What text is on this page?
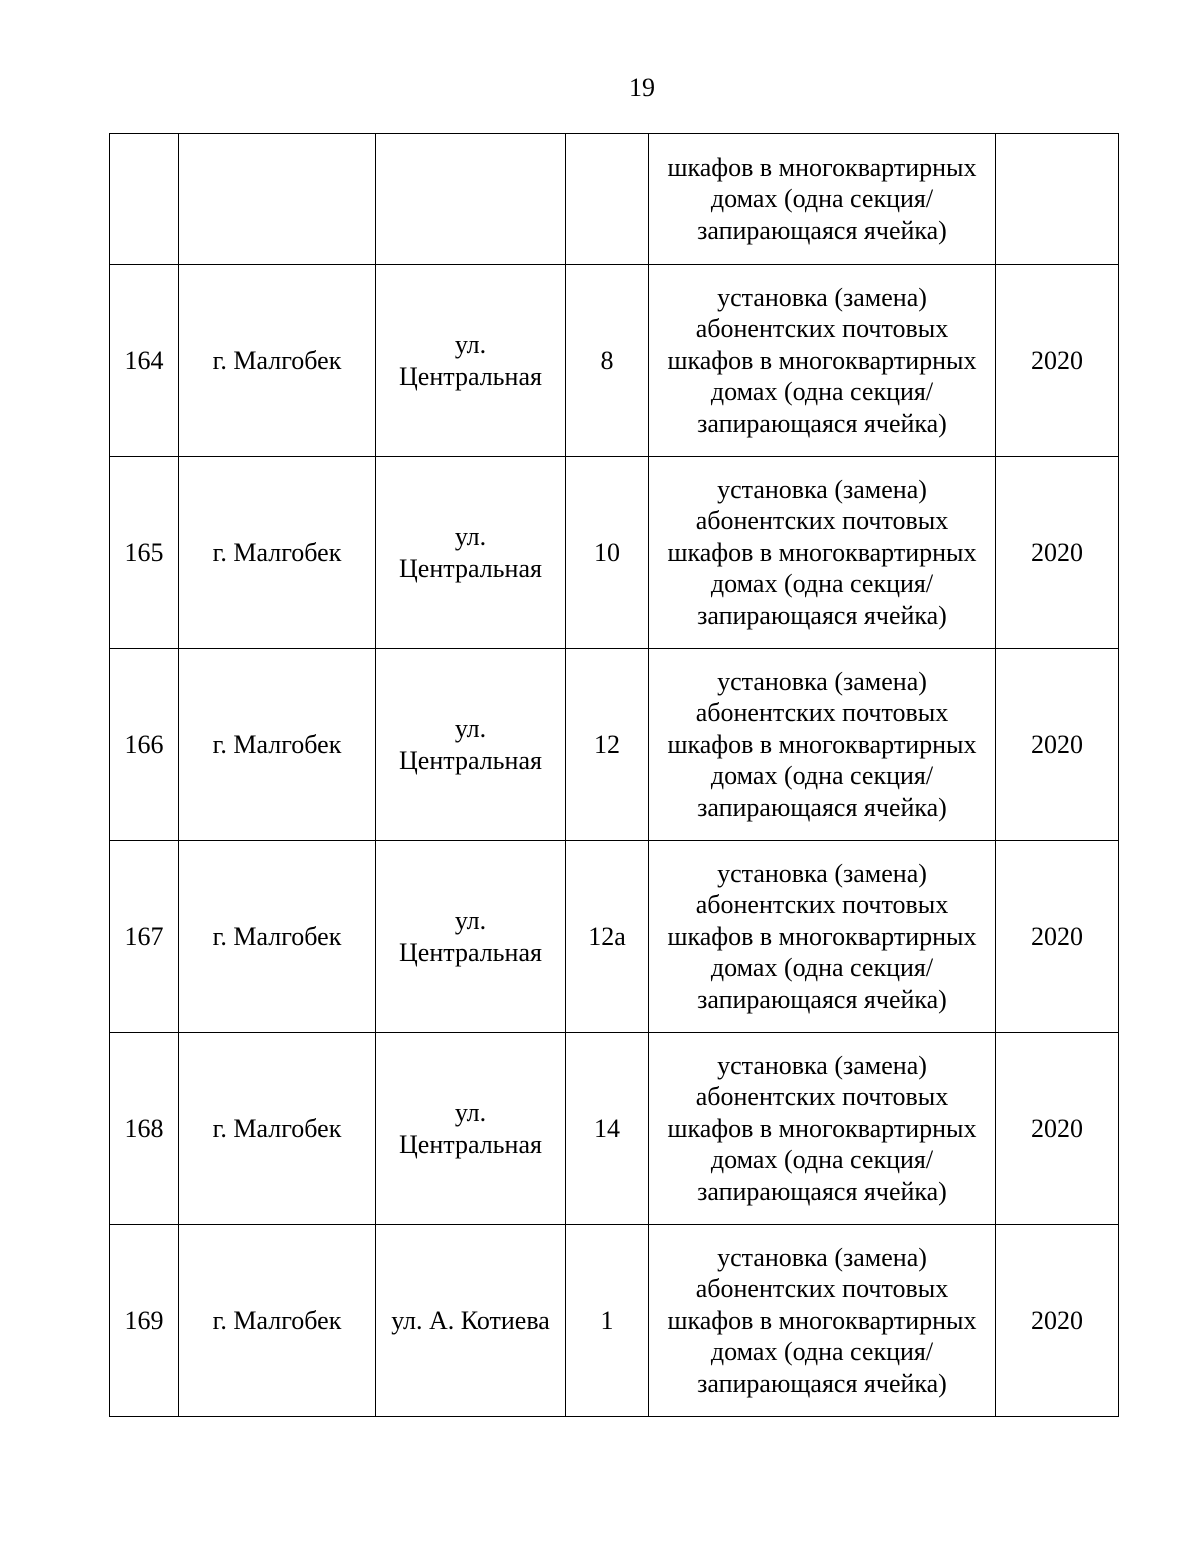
19
				шкафов в многоквартирных домах (одна секция/запирающаяся ячейка)	
164	г. Малгобек	ул. Центральная	8	установка (замена) абонентских почтовых шкафов в многоквартирных домах (одна секция/запирающаяся ячейка)	2020
165	г. Малгобек	ул. Центральная	10	установка (замена) абонентских почтовых шкафов в многоквартирных домах (одна секция/запирающаяся ячейка)	2020
166	г. Малгобек	ул. Центральная	12	установка (замена) абонентских почтовых шкафов в многоквартирных домах (одна секция/запирающаяся ячейка)	2020
167	г. Малгобек	ул. Центральная	12а	установка (замена) абонентских почтовых шкафов в многоквартирных домах (одна секция/запирающаяся ячейка)	2020
168	г. Малгобек	ул. Центральная	14	установка (замена) абонентских почтовых шкафов в многоквартирных домах (одна секция/запирающаяся ячейка)	2020
169	г. Малгобек	ул. А. Котиева	1	установка (замена) абонентских почтовых шкафов в многоквартирных домах (одна секция/запирающаяся ячейка)	2020
